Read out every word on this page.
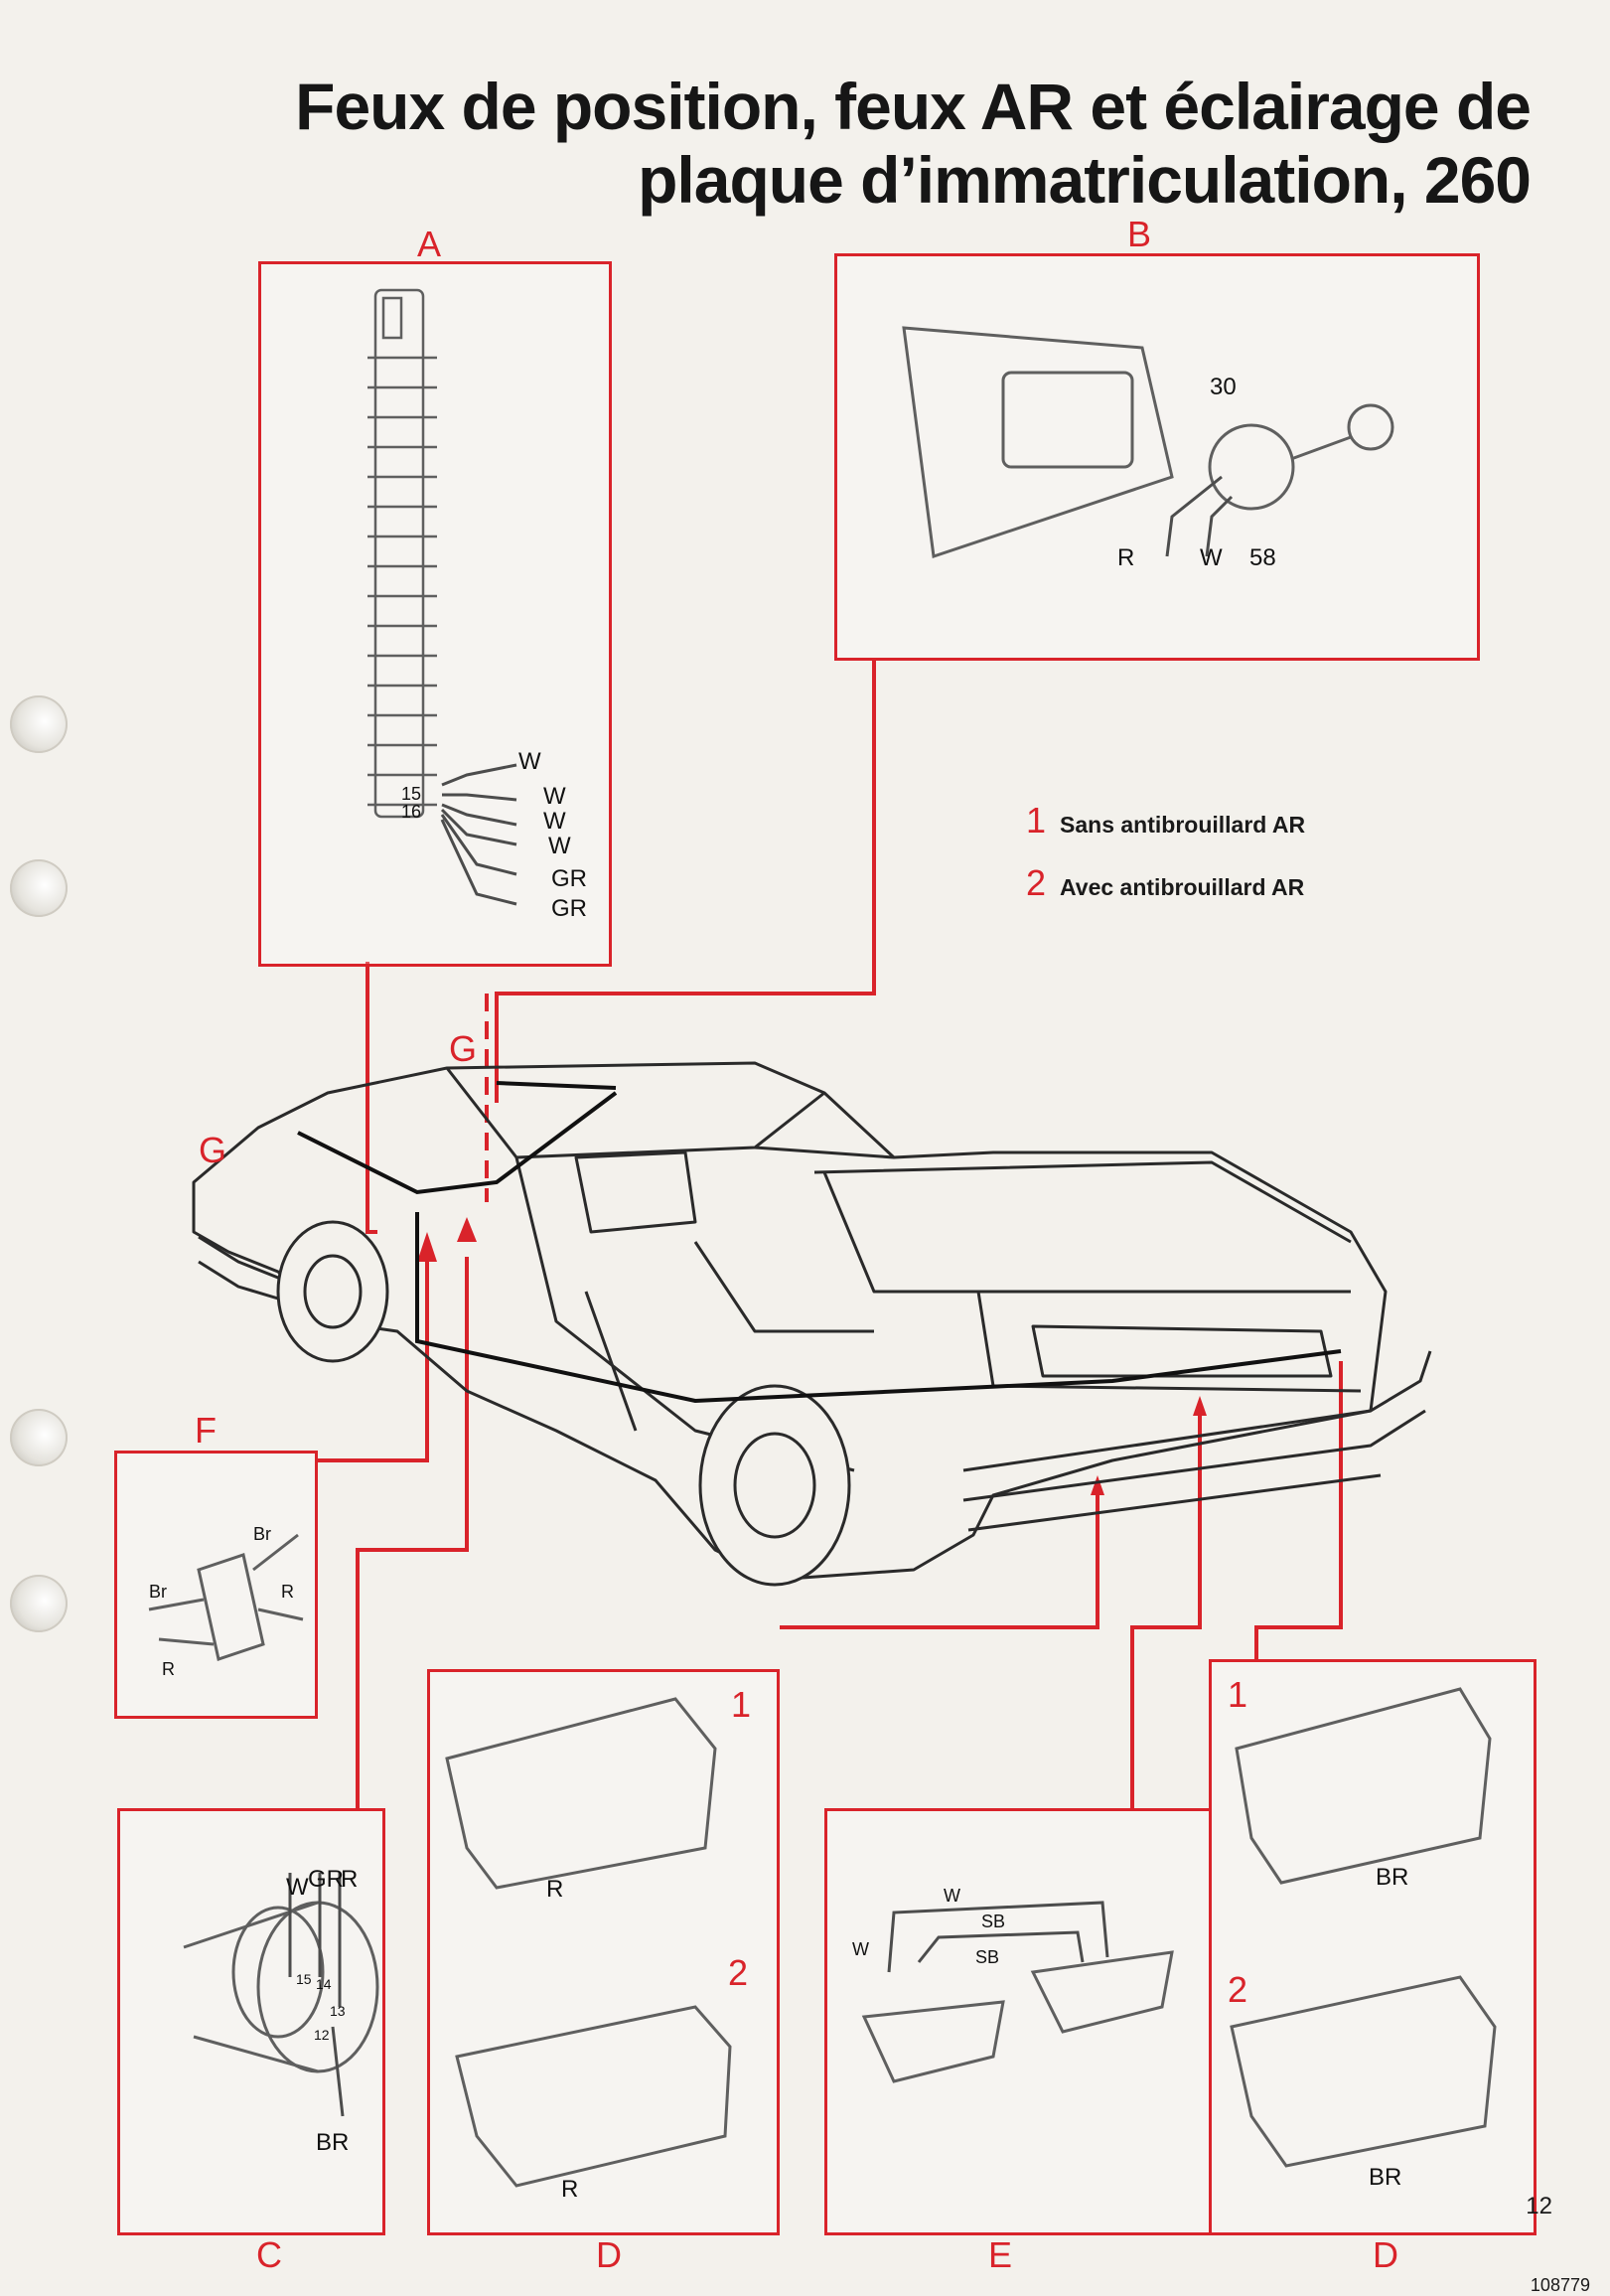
Feux de position, feux AR et éclairage de
plaque d’immatriculation, 260
A	B
F
C	D	E	D
G
G
1 Sans antibrouillard AR
2 Avec antibrouillard AR
15
16
W
W
W
W
GR
GR
30
58
R	W
Br
Br	R
R
W GR
R
15 14
13
12
BR
1
2
R
R
W
SB
SB
W
1
2
BR
BR
12
108779
